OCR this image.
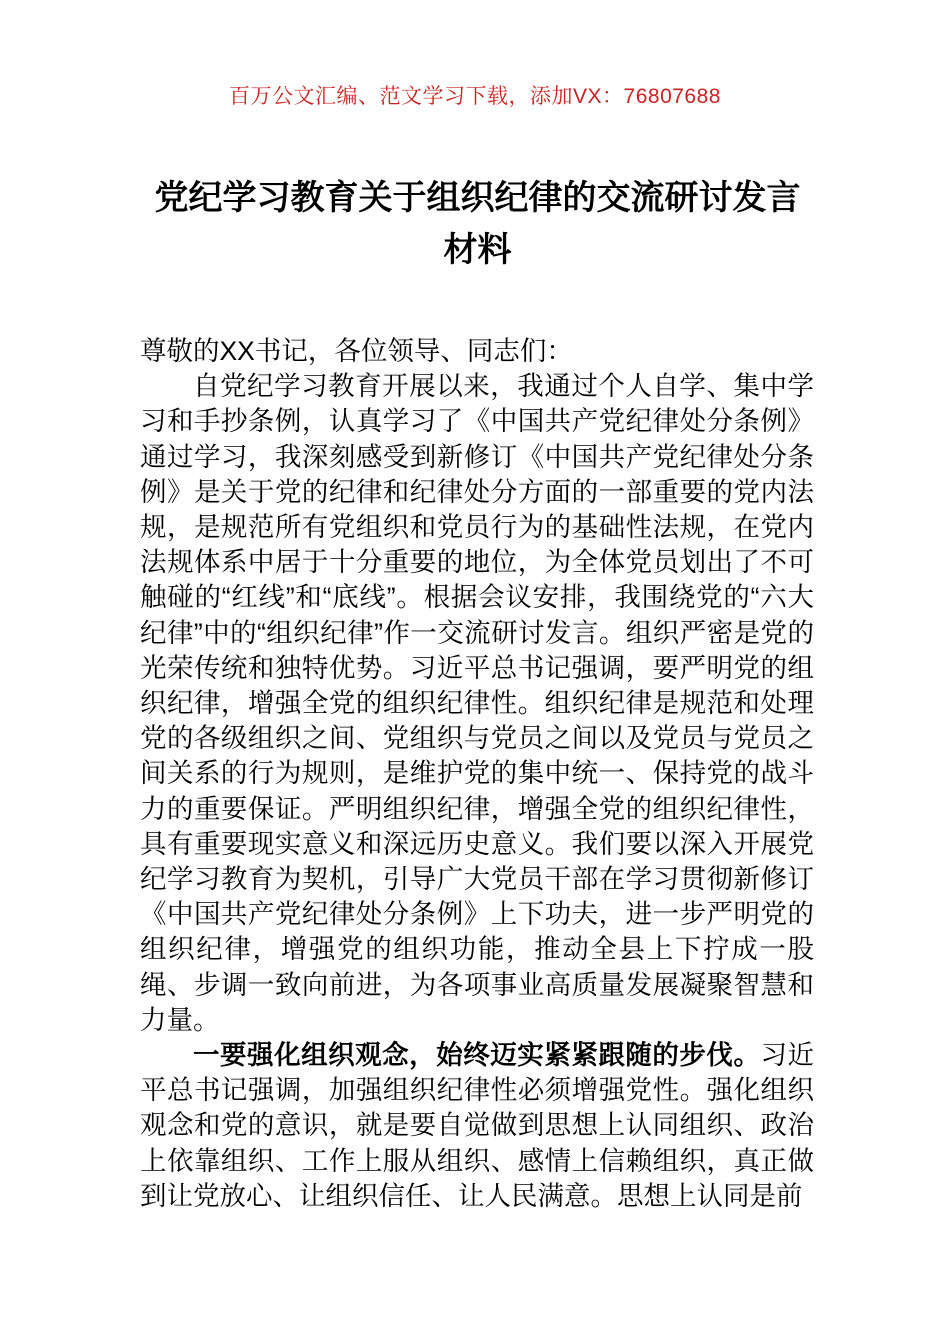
百万公文汇编、范文学习下载，添加VX：76807688
党纪学习教育关于组织纪律的交流研讨发言材料

尊敬的XX书记，各位领导、同志们：

自党纪学习教育开展以来，我通过个人自学、集中学习和手抄条例，认真学习了《中国共产党纪律处分条例》通过学习，我深刻感受到新修订《中国共产党纪律处分条例》是关于党的纪律和纪律处分方面的一部重要的党内法规，是规范所有党组织和党员行为的基础性法规，在党内法规体系中居于十分重要的地位，为全体党员划出了不可触碰的“红线”和“底线”。根据会议安排，我围绕党的“六大纪律”中的“组织纪律”作一交流研讨发言。组织严密是党的光荣传统和独特优势。习近平总书记强调，要严明党的组织纪律，增强全党的组织纪律性。组织纪律是规范和处理党的各级组织之间、党组织与党员之间以及党员与党员之间关系的行为规则，是维护党的集中统一、保持党的战斗力的重要保证。严明组织纪律，增强全党的组织纪律性，具有重要现实意义和深远历史意义。我们要以深入开展党纪学习教育为契机，引导广大党员干部在学习贯彻新修订《中国共产党纪律处分条例》上下功夫，进一步严明党的组织纪律，增强党的组织功能，推动全县上下拧成一股绳、步调一致向前进，为各项事业高质量发展凝聚智慧和力量。

一要强化组织观念，始终迈实紧紧跟随的步伐。习近平总书记强调，加强组织纪律性必须增强党性。强化组织观念和党的意识，就是要自觉做到思想上认同组织、政治上依靠组织、工作上服从组织、感情上信赖组织，真正做到让党放心、让组织信任、让人民满意。思想上认同是前
